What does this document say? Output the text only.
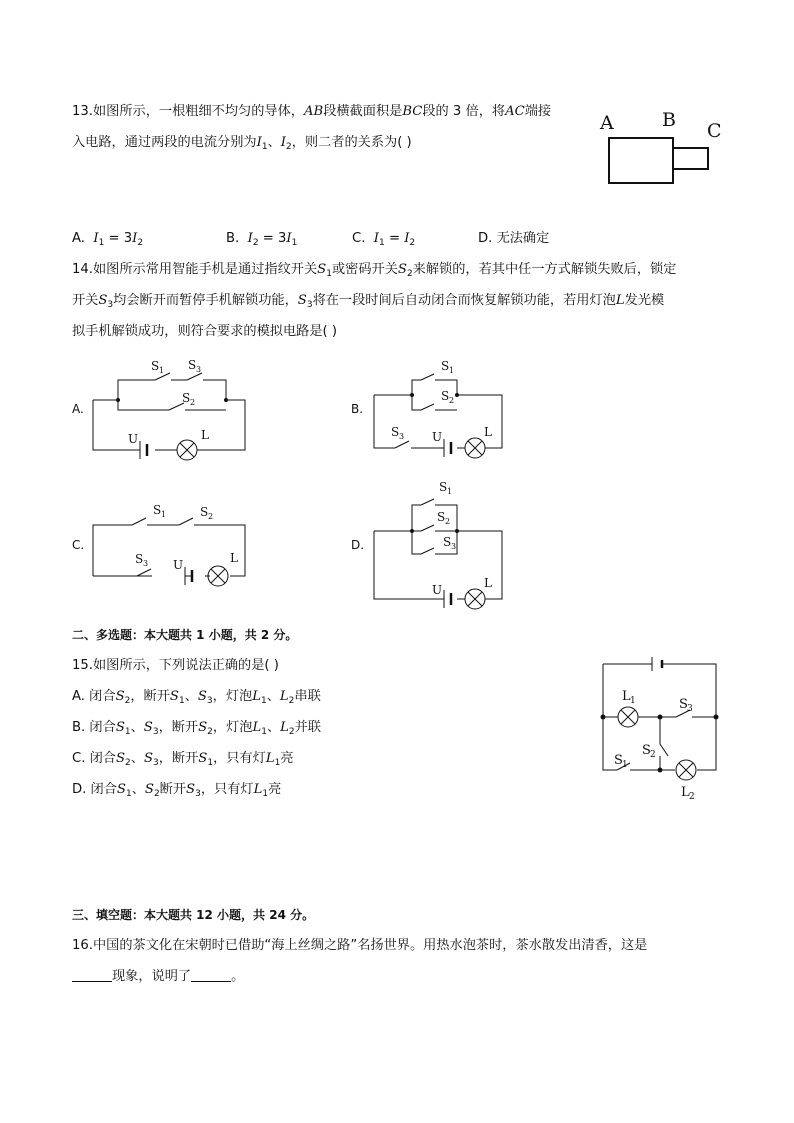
13.如图所示，一根粗细不均匀的导体，AB段横截面积是BC段的 3 倍，将AC端接
入电路，通过两段的电流分别为$I_1$、$I_2$，则二者的关系为( )
A	B C
A. $I_1 = 3I_2$	B. $I_2 = 3I_1$	C. $I_1 = I_2$	D. 无法确定
14.如图所示常用智能手机是通过指纹开关$S_1$或密码开关$S_2$来解锁的，若其中任一方式解锁失败后，锁定
开关$S_3$均会断开而暂停手机解锁功能，$S_3$将在一段时间后自动闭合而恢复解锁功能，若用灯泡L发光模
拟手机解锁成功，则符合要求的模拟电路是( )
A.
S 1 S 3
S 2
U	L
B.
S 1
S 2
S 3 U	L
C.
S 1	S 2
S 3 U	L
D.
S 1
S 2
S 3
U	L
二、多选题：本大题共 1 小题，共 2 分。
15.如图所示，下列说法正确的是( )
A. 闭合$S_2$，断开$S_1$、$S_3$，灯泡$L_1$、$L_2$串联
B. 闭合$S_1$、$S_3$，断开$S_2$，灯泡$L_1$、$L_2$并联
C. 闭合$S_2$、$S_3$，断开$S_1$，只有灯$L_1$亮
D. 闭合$S_1$、$S_2$断开$S_3$，只有灯$L_1$亮
L 1	S 3
S 2
S 1
L 2
三、填空题：本大题共 12 小题，共 24 分。
16.中国的茶文化在宋朝时已借助“海上丝绸之路”名扬世界。用热水泡茶时，茶水散发出清香，这是
现象，说明了	。
